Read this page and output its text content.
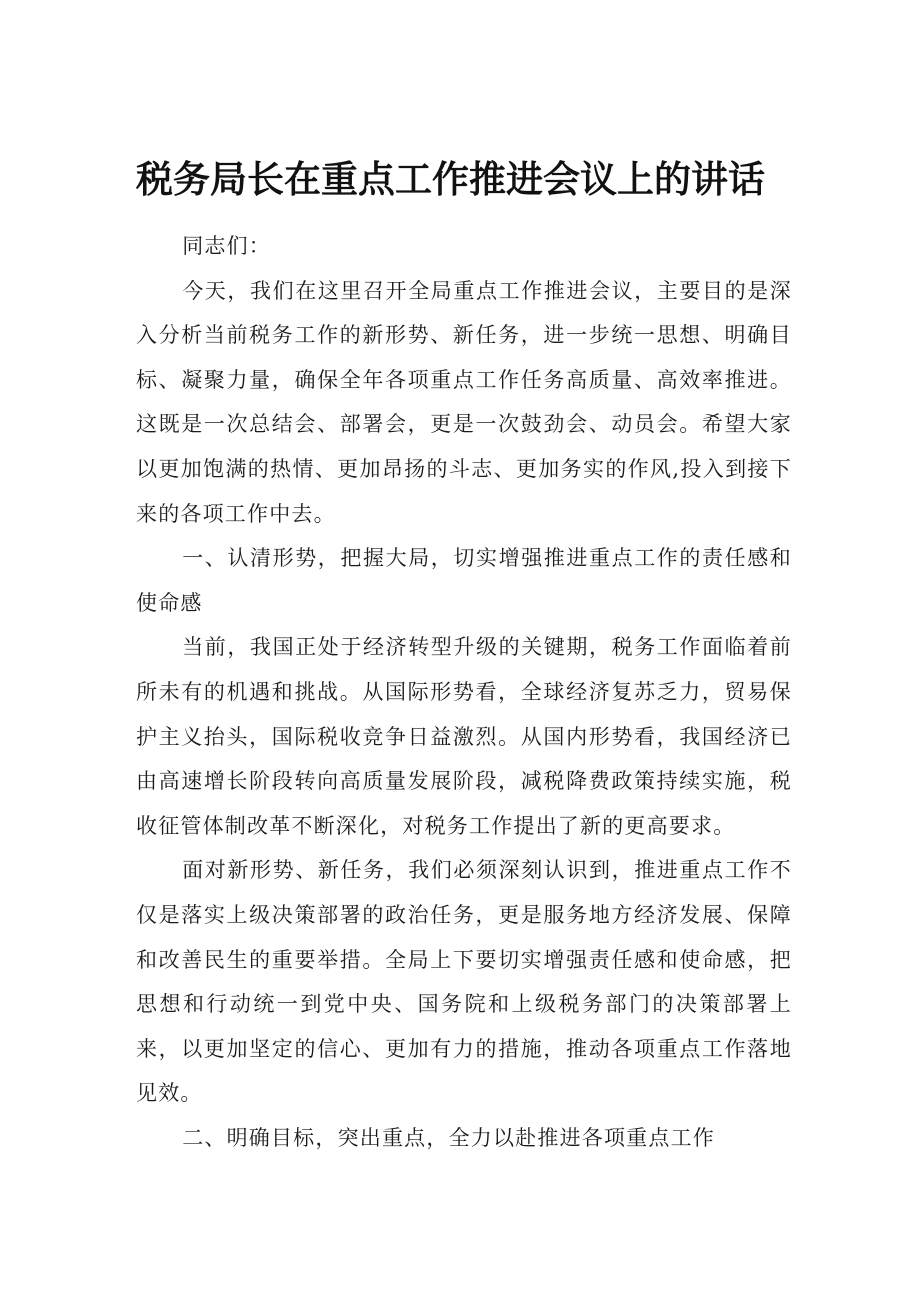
税务局长在重点工作推进会议上的讲话

同志们：

今天，我们在这里召开全局重点工作推进会议，主要目的是深入分析当前税务工作的新形势、新任务，进一步统一思想、明确目标、凝聚力量，确保全年各项重点工作任务高质量、高效率推进。这既是一次总结会、部署会，更是一次鼓劲会、动员会。希望大家以更加饱满的热情、更加昂扬的斗志、更加务实的作风,投入到接下来的各项工作中去。

一、认清形势，把握大局，切实增强推进重点工作的责任感和使命感

当前，我国正处于经济转型升级的关键期，税务工作面临着前所未有的机遇和挑战。从国际形势看，全球经济复苏乏力，贸易保护主义抬头，国际税收竞争日益激烈。从国内形势看，我国经济已由高速增长阶段转向高质量发展阶段，减税降费政策持续实施，税收征管体制改革不断深化，对税务工作提出了新的更高要求。

面对新形势、新任务，我们必须深刻认识到，推进重点工作不仅是落实上级决策部署的政治任务，更是服务地方经济发展、保障和改善民生的重要举措。全局上下要切实增强责任感和使命感，把思想和行动统一到党中央、国务院和上级税务部门的决策部署上来，以更加坚定的信心、更加有力的措施，推动各项重点工作落地见效。

二、明确目标，突出重点，全力以赴推进各项重点工作
